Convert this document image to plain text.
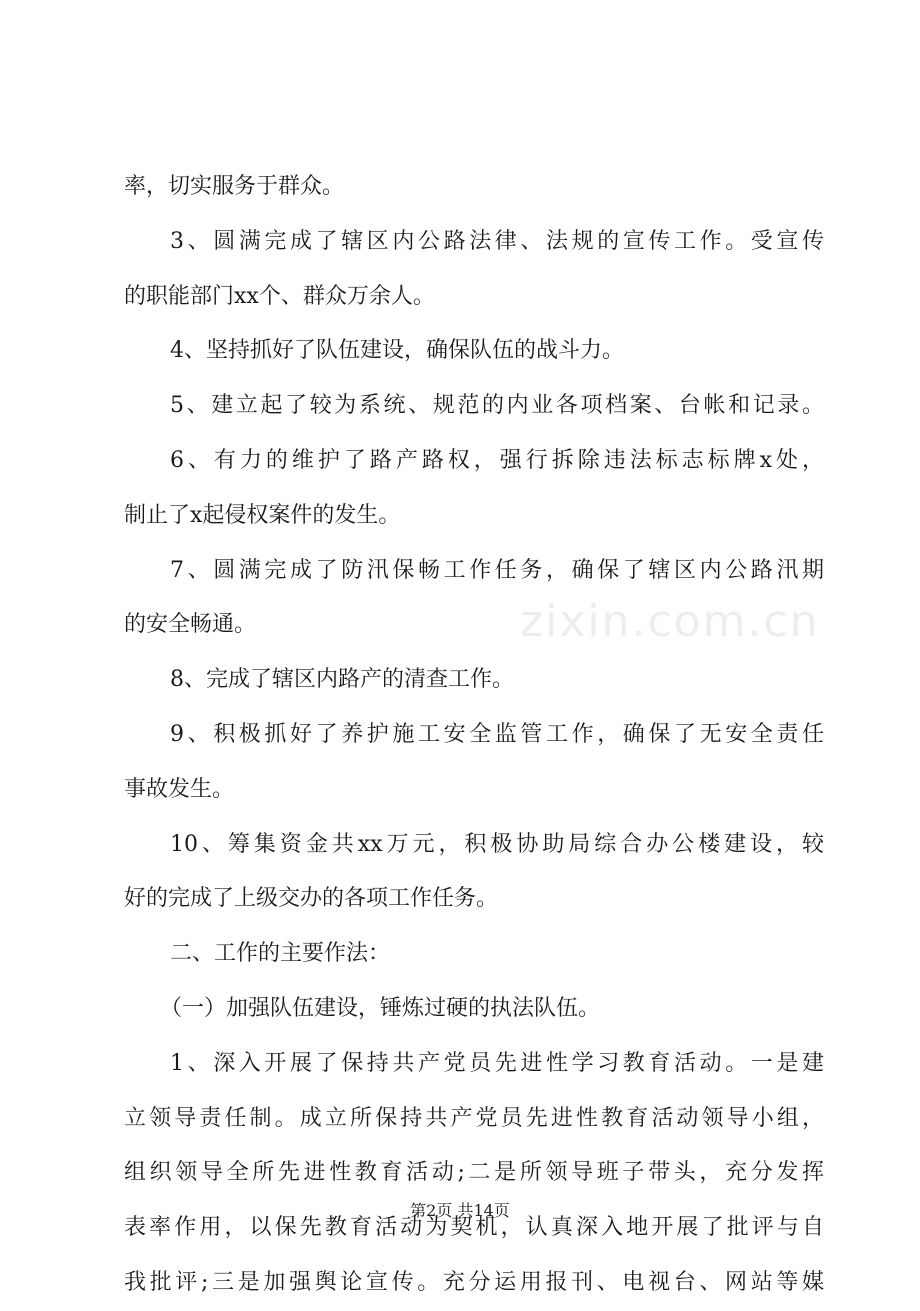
率，切实服务于群众。

3、圆满完成了辖区内公路法律、法规的宣传工作。受宣传

的职能部门xx个、群众万余人。

4、坚持抓好了队伍建设，确保队伍的战斗力。

5、建立起了较为系统、规范的内业各项档案、台帐和记录。

6、有力的维护了路产路权，强行拆除违法标志标牌x处，

制止了x起侵权案件的发生。

7、圆满完成了防汛保畅工作任务，确保了辖区内公路汛期

的安全畅通。

8、完成了辖区内路产的清查工作。

9、积极抓好了养护施工安全监管工作，确保了无安全责任

事故发生。

10、筹集资金共xx万元，积极协助局综合办公楼建设，较

好的完成了上级交办的各项工作任务。

二、工作的主要作法：

（一）加强队伍建设，锤炼过硬的执法队伍。

1、深入开展了保持共产党员先进性学习教育活动。一是建

立领导责任制。成立所保持共产党员先进性教育活动领导小组，

组织领导全所先进性教育活动;二是所领导班子带头，充分发挥

表率作用，以保先教育活动为契机，认真深入地开展了批评与自

我批评;三是加强舆论宣传。充分运用报刊、电视台、网站等媒

zixin.com.cn
第2页 共14页
